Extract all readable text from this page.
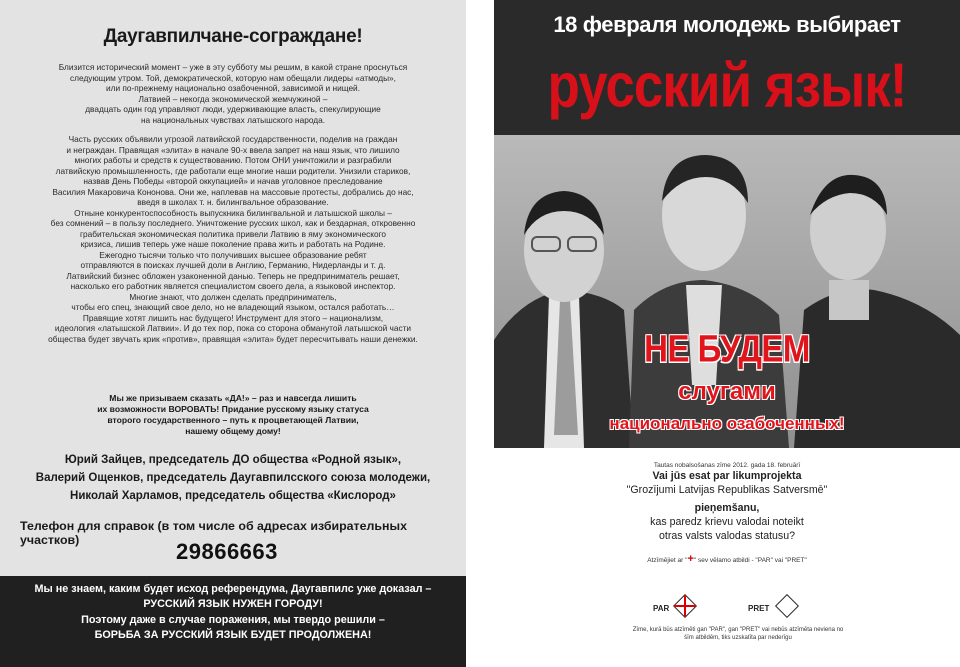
Даугавпилчане-сограждане!

Близится исторический момент – уже в эту субботу мы решим, в какой стране проснуться
следующим утром. Той, демократической, которую нам обещали лидеры «атмоды»,
или по-прежнему национально озабоченной, зависимой и нищей.
Латвией – некогда экономической жемчужиной –
двадцать один год управляют люди, удерживающие власть, спекулирующие
на национальных чувствах латышского народа.

Часть русских объявили угрозой латвийской государственности, поделив на граждан
и неграждан. Правящая «элита» в начале 90-х ввела запрет на наш язык, что лишило
многих работы и средств к существованию. Потом ОНИ уничтожили и разграбили
латвийскую промышленность, где работали еще многие наши родители. Унизили стариков,
назвав День Победы «второй оккупацией» и начав уголовное преследование
Василия Макаровича Кононова. Они же, наплевав на массовые протесты, добрались до нас,
введя в школах т. н. билингвальное образование.
Отныне конкурентоспособность выпускника билингвальной и латышской школы –
без сомнений – в пользу последнего. Уничтожение русских школ, как и бездарная, откровенно
грабительская экономическая политика привели Латвию в яму экономического
кризиса, лишив теперь уже наше поколение права жить и работать на Родине.
Ежегодно тысячи только что получивших высшее образование ребят
отправляются в поисках лучшей доли в Англию, Германию, Нидерланды и т. д.
Латвийский бизнес обложен узаконенной данью. Теперь не предприниматель решает,
насколько его работник является специалистом своего дела, а языковой инспектор.
Многие знают, что должен сделать предприниматель,
чтобы его спец, знающий свое дело, но не владеющий языком, остался работать…
Правящие хотят лишить нас будущего! Инструмент для этого – национализм,
идеология «латышской Латвии». И до тех пор, пока со сторона обманутой латышской части
общества будет звучать крик «против», правящая «элита» будет пересчитывать наши денежки.

Мы же призываем сказать «ДА!» – раз и навсегда лишить
их возможности ВОРОВАТЬ! Придание русскому языку статуса
второго государственного – путь к процветающей Латвии,
нашему общему дому!
Юрий Зайцев, председатель ДО общества «Родной язык»,
Валерий Ощенков, председатель Даугавпилсского союза молодежи,
Николай Харламов, председатель общества «Кислород»
Телефон для справок (в том числе об адресах избирательных участков)	29866663
Мы не знаем, каким будет исход референдума, Даугавпилс уже доказал –
РУССКИЙ ЯЗЫК НУЖЕН ГОРОДУ!
Поэтому даже в случае поражения, мы твердо решили –
БОРЬБА ЗА РУССКИЙ ЯЗЫК БУДЕТ ПРОДОЛЖЕНА!
18 февраля молодежь выбирает
русский язык!
НЕ БУДЕМ
слугами
национально озабоченных!
Tautas nobalsošanas zīme 2012. gada 18. februārī
Vai jūs esat par likumprojekta
"Grozījumi Latvijas Republikas Satversmē"
pieņemšanu,
kas paredz krievu valodai noteikt
otras valsts valodas statusu?
Atzīmējiet ar "+" sev vēlamo atbildi - "PAR" vai "PRET"
PAR	PRET
Zīme, kurā būs atzīmēti gan "PAR", gan "PRET" vai nebūs atzīmēta neviena no
šīm atbildēm, tiks uzskatīta par nederīgu
